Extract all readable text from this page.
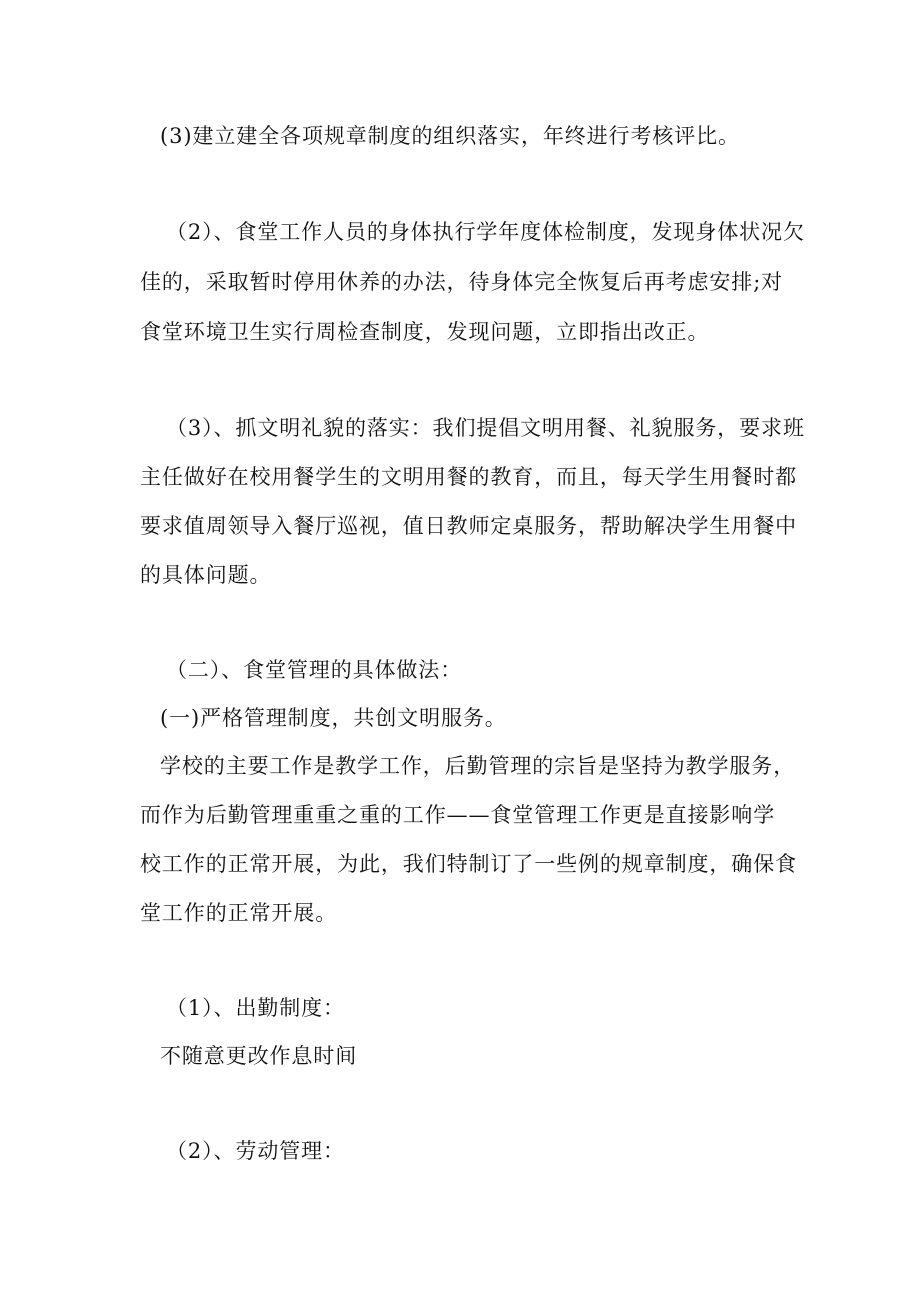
(3)建立建全各项规章制度的组织落实，年终进行考核评比。
（2）、食堂工作人员的身体执行学年度体检制度，发现身体状况欠
佳的，采取暂时停用休养的办法，待身体完全恢复后再考虑安排;对
食堂环境卫生实行周检查制度，发现问题，立即指出改正。
（3）、抓文明礼貌的落实：我们提倡文明用餐、礼貌服务，要求班
主任做好在校用餐学生的文明用餐的教育，而且，每天学生用餐时都
要求值周领导入餐厅巡视，值日教师定桌服务，帮助解决学生用餐中
的具体问题。
（二）、食堂管理的具体做法：
(一)严格管理制度，共创文明服务。
学校的主要工作是教学工作，后勤管理的宗旨是坚持为教学服务，
而作为后勤管理重重之重的工作——食堂管理工作更是直接影响学
校工作的正常开展，为此，我们特制订了一些例的规章制度，确保食
堂工作的正常开展。
（1）、出勤制度：
不随意更改作息时间
（2）、劳动管理：
